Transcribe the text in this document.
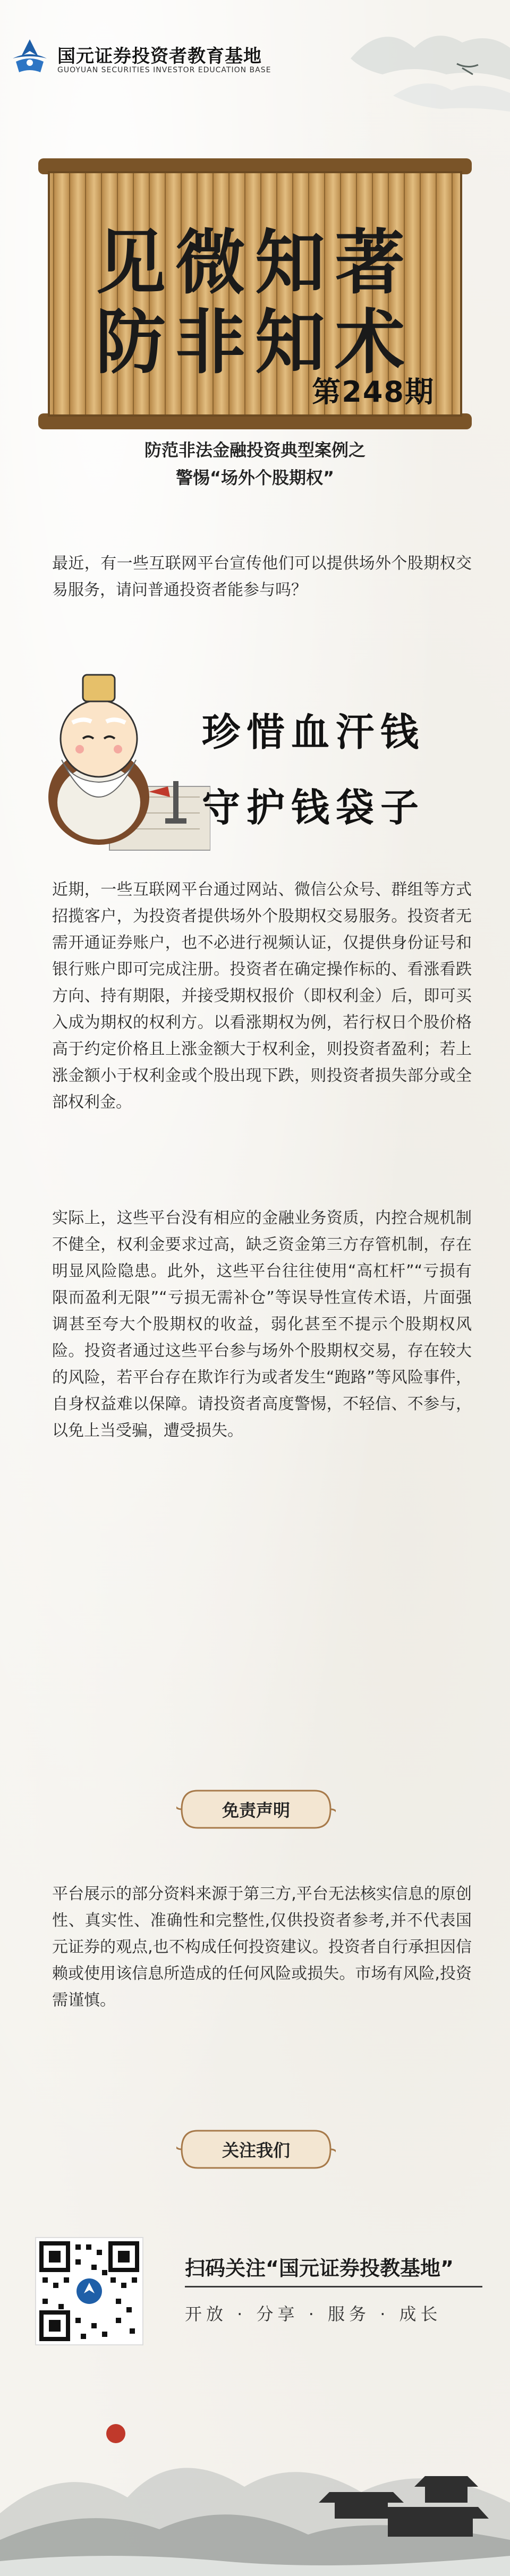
国元证券投资者教育基地
GUOYUAN SECURITIES INVESTOR EDUCATION BASE
见微知著
防非知术
第248期
防范非法金融投资典型案例之
警惕“场外个股期权”
最近，有一些互联网平台宣传他们可以提供场外个股期权交易服务，请问普通投资者能参与吗？
珍惜血汗钱
守护钱袋子
近期，一些互联网平台通过网站、微信公众号、群组等方式招揽客户，为投资者提供场外个股期权交易服务。投资者无需开通证券账户，也不必进行视频认证，仅提供身份证号和银行账户即可完成注册。投资者在确定操作标的、看涨看跌方向、持有期限，并接受期权报价（即权利金）后，即可买入成为期权的权利方。以看涨期权为例，若行权日个股价格高于约定价格且上涨金额大于权利金，则投资者盈利；若上涨金额小于权利金或个股出现下跌，则投资者损失部分或全部权利金。
实际上，这些平台没有相应的金融业务资质，内控合规机制不健全，权利金要求过高，缺乏资金第三方存管机制，存在明显风险隐患。此外，这些平台往往使用“高杠杆”“亏损有限而盈利无限”“亏损无需补仓”等误导性宣传术语，片面强调甚至夸大个股期权的收益，弱化甚至不提示个股期权风险。投资者通过这些平台参与场外个股期权交易，存在较大的风险，若平台存在欺诈行为或者发生“跑路”等风险事件，自身权益难以保障。请投资者高度警惕，不轻信、不参与，以免上当受骗，遭受损失。
免责声明
平台展示的部分资料来源于第三方,平台无法核实信息的原创性、真实性、准确性和完整性,仅供投资者参考,并不代表国元证券的观点,也不构成任何投资建议。投资者自行承担因信赖或使用该信息所造成的任何风险或损失。市场有风险,投资需谨慎。
关注我们
扫码关注“国元证券投教基地”
开放 · 分享 · 服务 · 成长
